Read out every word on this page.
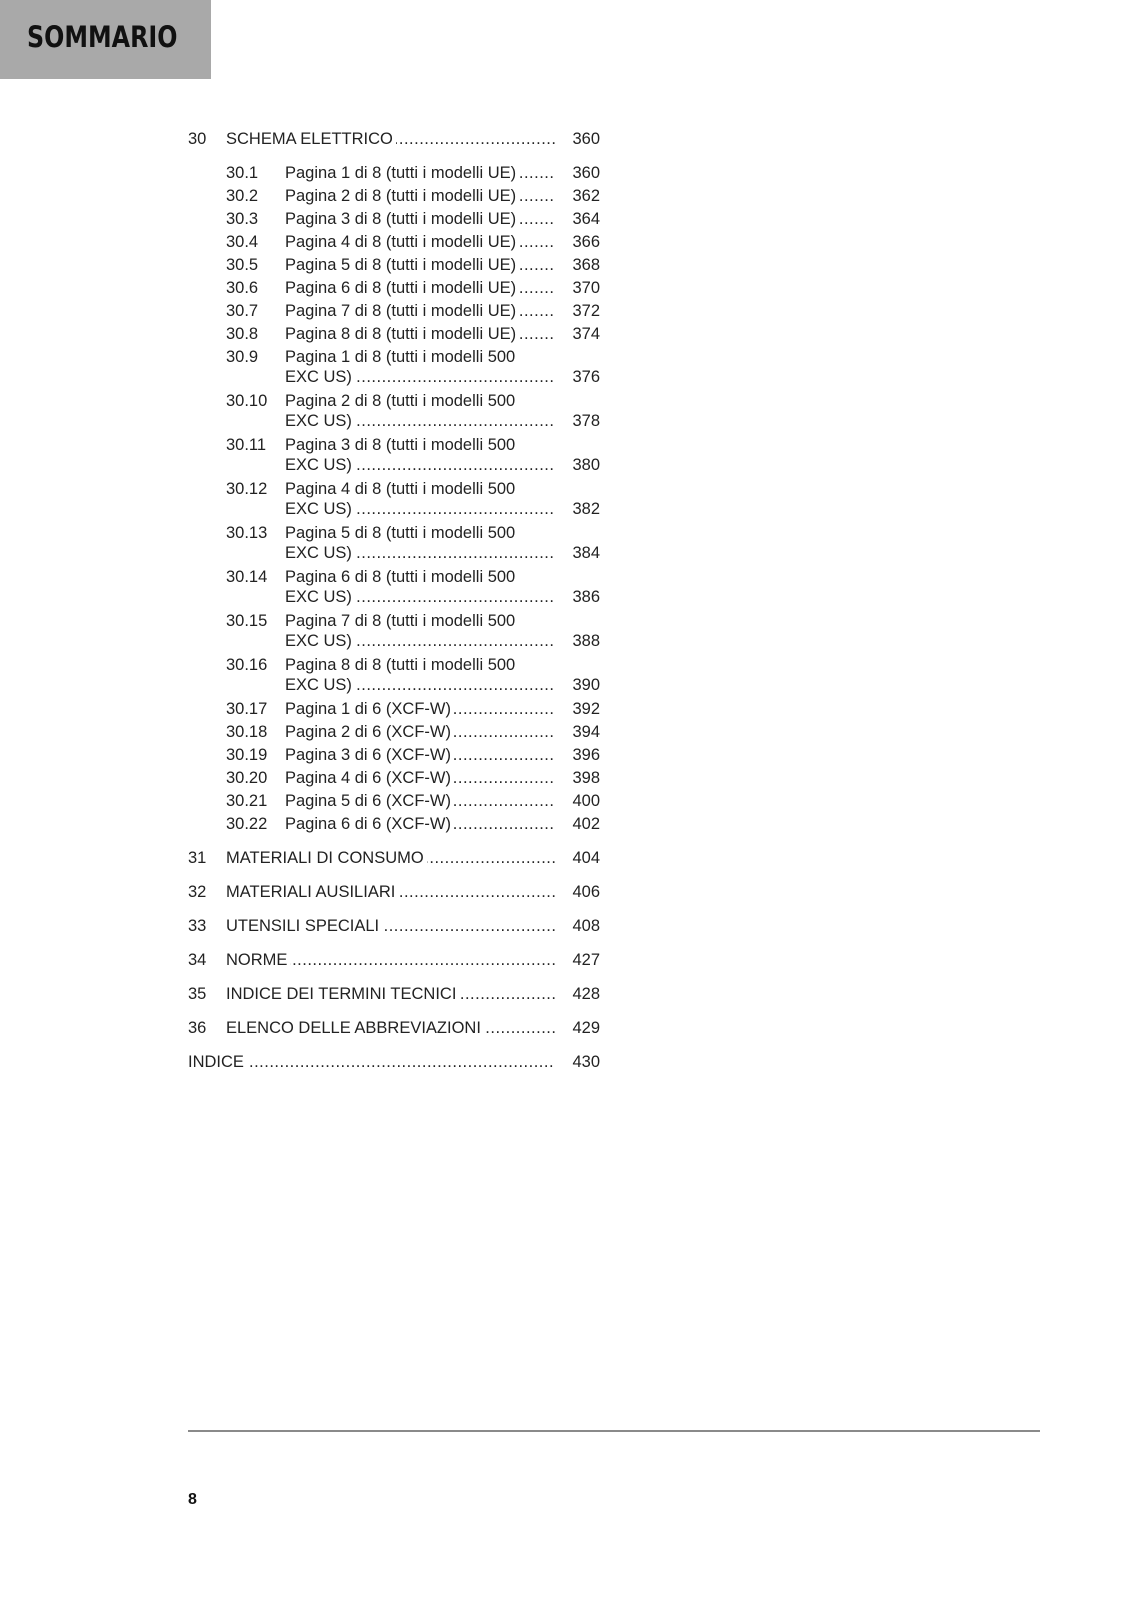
SOMMARIO
30 SCHEMA ELETTRICO .....	360
30.1 Pagina 1 di 8 (tutti i modelli UE) .....	360
30.2 Pagina 2 di 8 (tutti i modelli UE) .....	362
30.3 Pagina 3 di 8 (tutti i modelli UE) .....	364
30.4 Pagina 4 di 8 (tutti i modelli UE) .....	366
30.5 Pagina 5 di 8 (tutti i modelli UE) .....	368
30.6 Pagina 6 di 8 (tutti i modelli UE) .....	370
30.7 Pagina 7 di 8 (tutti i modelli UE) .....	372
30.8 Pagina 8 di 8 (tutti i modelli UE) .....	374
30.9 Pagina 1 di 8 (tutti i modelli 500
EXC US) .....	376
30.10 Pagina 2 di 8 (tutti i modelli 500
EXC US) .....	378
30.11 Pagina 3 di 8 (tutti i modelli 500
EXC US) .....	380
30.12 Pagina 4 di 8 (tutti i modelli 500
EXC US) .....	382
30.13 Pagina 5 di 8 (tutti i modelli 500
EXC US) .....	384
30.14 Pagina 6 di 8 (tutti i modelli 500
EXC US) .....	386
30.15 Pagina 7 di 8 (tutti i modelli 500
EXC US) .....	388
30.16 Pagina 8 di 8 (tutti i modelli 500
EXC US) .....	390
30.17 Pagina 1 di 6 (XCF-W) .....	392
30.18 Pagina 2 di 6 (XCF-W) .....	394
30.19 Pagina 3 di 6 (XCF-W) .....	396
30.20 Pagina 4 di 6 (XCF-W) .....	398
30.21 Pagina 5 di 6 (XCF-W) .....	400
30.22 Pagina 6 di 6 (XCF-W) .....	402
31 MATERIALI DI CONSUMO .....	404
32 MATERIALI AUSILIARI .....	406
33 UTENSILI SPECIALI .....	408
34 NORME .....	427
35 INDICE DEI TERMINI TECNICI .....	428
36 ELENCO DELLE ABBREVIAZIONI .....	429
INDICE .....	430
8
